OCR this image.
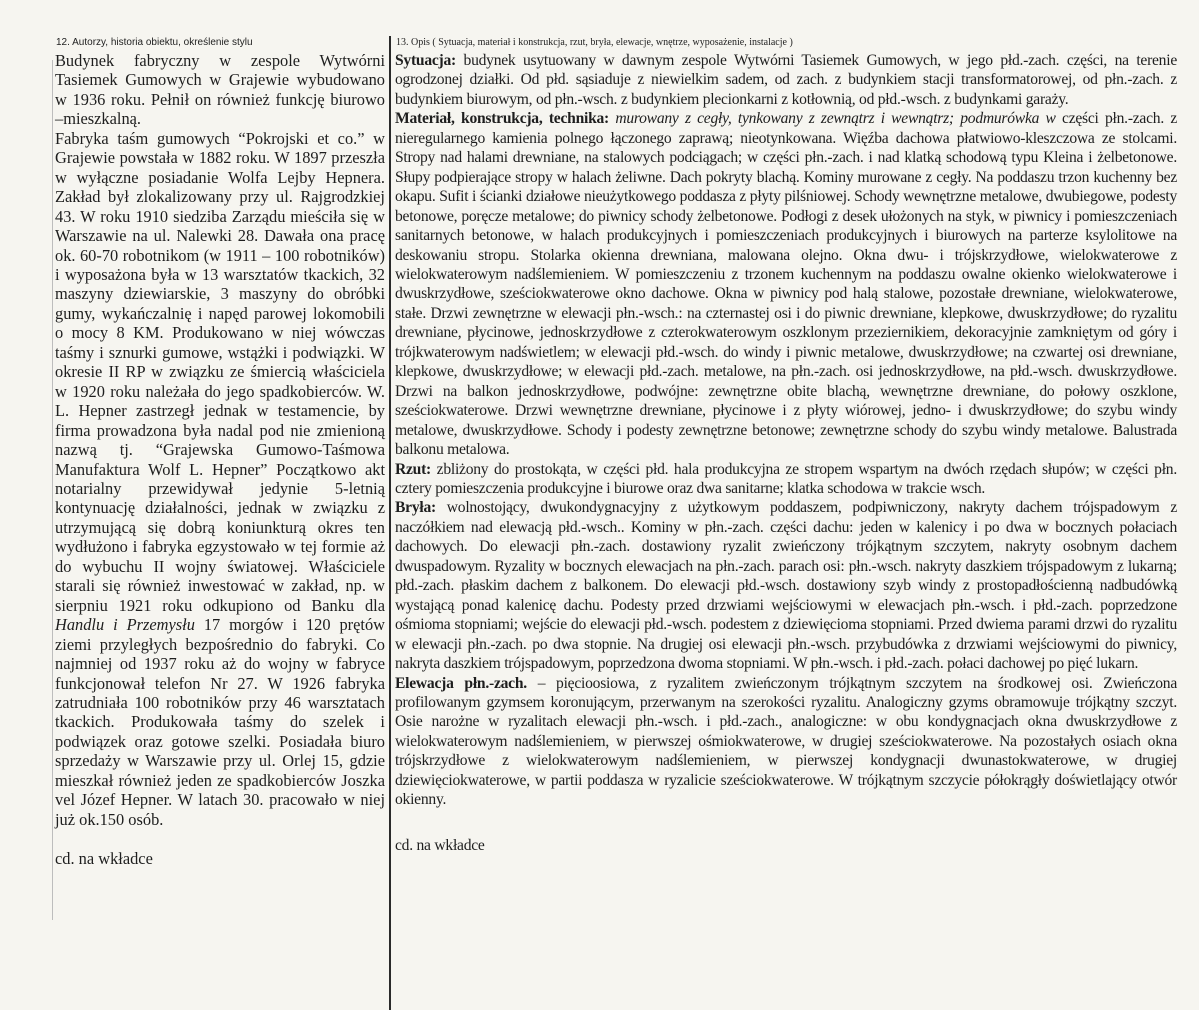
12. Autorzy, historia obiektu, określenie stylu	13. Opis ( Sytuacja, materiał i konstrukcja, rzut, bryła, elewacje, wnętrze, wyposażenie, instalacje )

Budynek fabryczny w zespole Wytwórni Tasiemek Gumowych w Grajewie wybudowano w 1936 roku. Pełnił on również funkcję biurowo –mieszkalną.

Fabryka taśm gumowych “Pokrojski et co.” w Grajewie powstała w 1882 roku. W 1897 przeszła w wyłączne posiadanie Wolfa Lejby Hepnera. Zakład był zlokalizowany przy ul. Rajgrodzkiej 43. W roku 1910 siedziba Zarządu mieściła się w Warszawie na ul. Nalewki 28. Dawała ona pracę ok. 60-70 robotnikom (w 1911 – 100 robotników) i wyposażona była w 13 warsztatów tkackich, 32 maszyny dziewiarskie, 3 maszyny do obróbki gumy, wykańczalnię i napęd parowej lokomobili o mocy 8 KM. Produkowano w niej wówczas taśmy i sznurki gumowe, wstążki i podwiązki. W okresie II RP w związku ze śmiercią właściciela w 1920 roku należała do jego spadkobierców. W. L. Hepner zastrzegł jednak w testamencie, by firma prowadzona była nadal pod nie zmienioną nazwą tj. “Grajewska Gumowo-Taśmowa Manufaktura Wolf L. Hepner” Początkowo akt notarialny przewidywał jedynie 5-letnią kontynuację działalności, jednak w związku z utrzymującą się dobrą koniunkturą okres ten wydłużono i fabryka egzystowało w tej formie aż do wybuchu II wojny światowej. Właściciele starali się również inwestować w zakład, np. w sierpniu 1921 roku odkupiono od Banku dla Handlu i Przemysłu 17 morgów i 120 prętów ziemi przyległych bezpośrednio do fabryki. Co najmniej od 1937 roku aż do wojny w fabryce funkcjonował telefon Nr 27. W 1926 fabryka zatrudniała 100 robotników przy 46 warsztatach tkackich. Produkowała taśmy do szelek i podwiązek oraz gotowe szelki. Posiadała biuro sprzedaży w Warszawie przy ul. Orlej 15, gdzie mieszkał również jeden ze spadkobierców Joszka vel Józef Hepner. W latach 30. pracowało w niej już ok.150 osób.

cd. na wkładce

Sytuacja: budynek usytuowany w dawnym zespole Wytwórni Tasiemek Gumowych, w jego płd.-zach. części, na terenie ogrodzonej działki. Od płd. sąsiaduje z niewielkim sadem, od zach. z budynkiem stacji transformatorowej, od płn.-zach. z budynkiem biurowym, od płn.-wsch. z budynkiem plecionkarni z kotłownią, od płd.-wsch. z budynkami garaży.

Materiał, konstrukcja, technika: murowany z cegły, tynkowany z zewnątrz i wewnątrz; podmurówka w części płn.-zach. z nieregularnego kamienia polnego łączonego zaprawą; nieotynkowana. Więźba dachowa płatwiowo-kleszczowa ze stolcami. Stropy nad halami drewniane, na stalowych podciągach; w części płn.-zach. i nad klatką schodową typu Kleina i żelbetonowe. Słupy podpierające stropy w halach żeliwne. Dach pokryty blachą. Kominy murowane z cegły. Na poddaszu trzon kuchenny bez okapu. Sufit i ścianki działowe nieużytkowego poddasza z płyty pilśniowej. Schody wewnętrzne metalowe, dwubiegowe, podesty betonowe, poręcze metalowe; do piwnicy schody żelbetonowe. Podłogi z desek ułożonych na styk, w piwnicy i pomieszczeniach sanitarnych betonowe, w halach produkcyjnych i pomieszczeniach produkcyjnych i biurowych na parterze ksylolitowe na deskowaniu stropu. Stolarka okienna drewniana, malowana olejno. Okna dwu- i trójskrzydłowe, wielokwaterowe z wielokwaterowym nadślemieniem. W pomieszczeniu z trzonem kuchennym na poddaszu owalne okienko wielokwaterowe i dwuskrzydłowe, sześciokwaterowe okno dachowe. Okna w piwnicy pod halą stalowe, pozostałe drewniane, wielokwaterowe, stałe. Drzwi zewnętrzne w elewacji płn.-wsch.: na czternastej osi i do piwnic drewniane, klepkowe, dwuskrzydłowe; do ryzalitu drewniane, płycinowe, jednoskrzydłowe z czterokwaterowym oszklonym przeziernikiem, dekoracyjnie zamkniętym od góry i trójkwaterowym nadświetlem; w elewacji płd.-wsch. do windy i piwnic metalowe, dwuskrzydłowe; na czwartej osi drewniane, klepkowe, dwuskrzydłowe; w elewacji płd.-zach. metalowe, na płn.-zach. osi jednoskrzydłowe, na płd.-wsch. dwuskrzydłowe. Drzwi na balkon jednoskrzydłowe, podwójne: zewnętrzne obite blachą, wewnętrzne drewniane, do połowy oszklone, sześciokwaterowe. Drzwi wewnętrzne drewniane, płycinowe i z płyty wiórowej, jedno- i dwuskrzydłowe; do szybu windy metalowe, dwuskrzydłowe. Schody i podesty zewnętrzne betonowe; zewnętrzne schody do szybu windy metalowe. Balustrada balkonu metalowa.

Rzut: zbliżony do prostokąta, w części płd. hala produkcyjna ze stropem wspartym na dwóch rzędach słupów; w części płn. cztery pomieszczenia produkcyjne i biurowe oraz dwa sanitarne; klatka schodowa w trakcie wsch.

Bryła: wolnostojący, dwukondygnacyjny z użytkowym poddaszem, podpiwniczony, nakryty dachem trójspadowym z naczółkiem nad elewacją płd.-wsch.. Kominy w płn.-zach. części dachu: jeden w kalenicy i po dwa w bocznych połaciach dachowych. Do elewacji płn.-zach. dostawiony ryzalit zwieńczony trójkątnym szczytem, nakryty osobnym dachem dwuspadowym. Ryzality w bocznych elewacjach na płn.-zach. parach osi: płn.-wsch. nakryty daszkiem trójspadowym z lukarną; płd.-zach. płaskim dachem z balkonem. Do elewacji płd.-wsch. dostawiony szyb windy z prostopadłościenną nadbudówką wystającą ponad kalenicę dachu. Podesty przed drzwiami wejściowymi w elewacjach płn.-wsch. i płd.-zach. poprzedzone ośmioma stopniami; wejście do elewacji płd.-wsch. podestem z dziewięcioma stopniami. Przed dwiema parami drzwi do ryzalitu w elewacji płn.-zach. po dwa stopnie. Na drugiej osi elewacji płn.-wsch. przybudówka z drzwiami wejściowymi do piwnicy, nakryta daszkiem trójspadowym, poprzedzona dwoma stopniami. W płn.-wsch. i płd.-zach. połaci dachowej po pięć lukarn.

Elewacja płn.-zach. – pięcioosiowa, z ryzalitem zwieńczonym trójkątnym szczytem na środkowej osi. Zwieńczona profilowanym gzymsem koronującym, przerwanym na szerokości ryzalitu. Analogiczny gzyms obramowuje trójkątny szczyt. Osie narożne w ryzalitach elewacji płn.-wsch. i płd.-zach., analogiczne: w obu kondygnacjach okna dwuskrzydłowe z wielokwaterowym nadślemieniem, w pierwszej ośmiokwaterowe, w drugiej sześciokwaterowe. Na pozostałych osiach okna trójskrzydłowe z wielokwaterowym nadślemieniem, w pierwszej kondygnacji dwunastokwaterowe, w drugiej dziewięciokwaterowe, w partii poddasza w ryzalicie sześciokwaterowe. W trójkątnym szczycie półokrągły doświetlający otwór okienny.

cd. na wkładce
